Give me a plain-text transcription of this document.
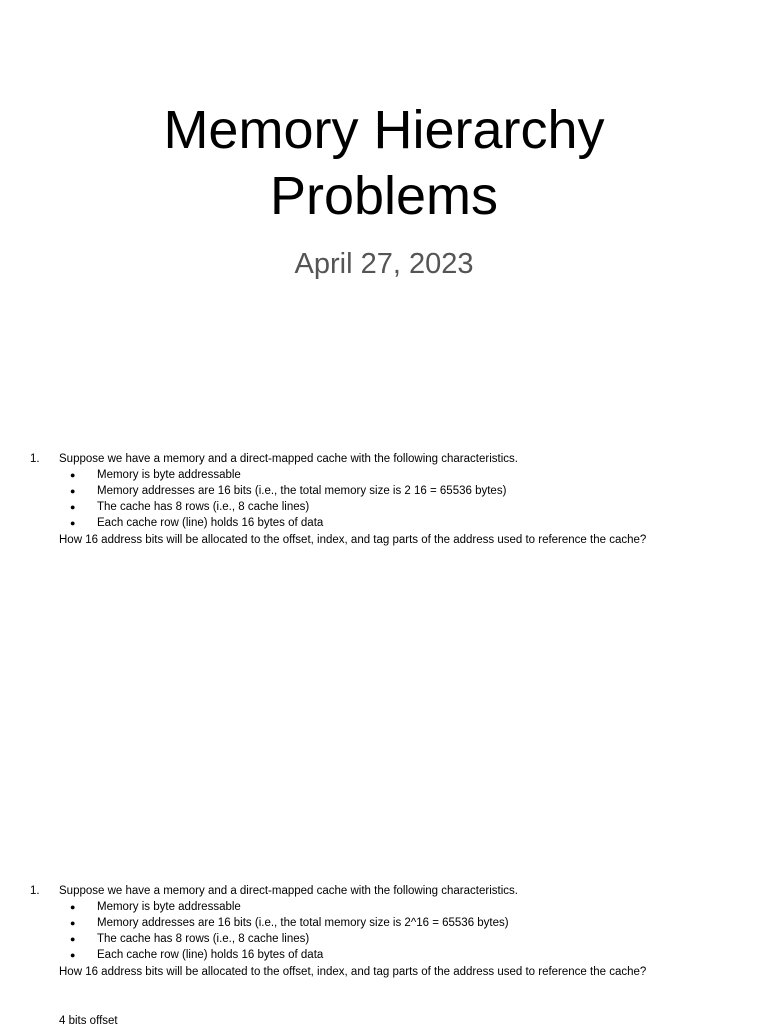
Memory Hierarchy
Problems
April 27, 2023
1. Suppose we have a memory and a direct-mapped cache with the following characteristics.
● Memory is byte addressable
● Memory addresses are 16 bits (i.e., the total memory size is 2 16 = 65536 bytes)
● The cache has 8 rows (i.e., 8 cache lines)
● Each cache row (line) holds 16 bytes of data
How 16 address bits will be allocated to the offset, index, and tag parts of the address used to reference the cache?
1. Suppose we have a memory and a direct-mapped cache with the following characteristics.
● Memory is byte addressable
● Memory addresses are 16 bits (i.e., the total memory size is 2^16 = 65536 bytes)
● The cache has 8 rows (i.e., 8 cache lines)
● Each cache row (line) holds 16 bytes of data
How 16 address bits will be allocated to the offset, index, and tag parts of the address used to reference the cache?
4 bits offset
